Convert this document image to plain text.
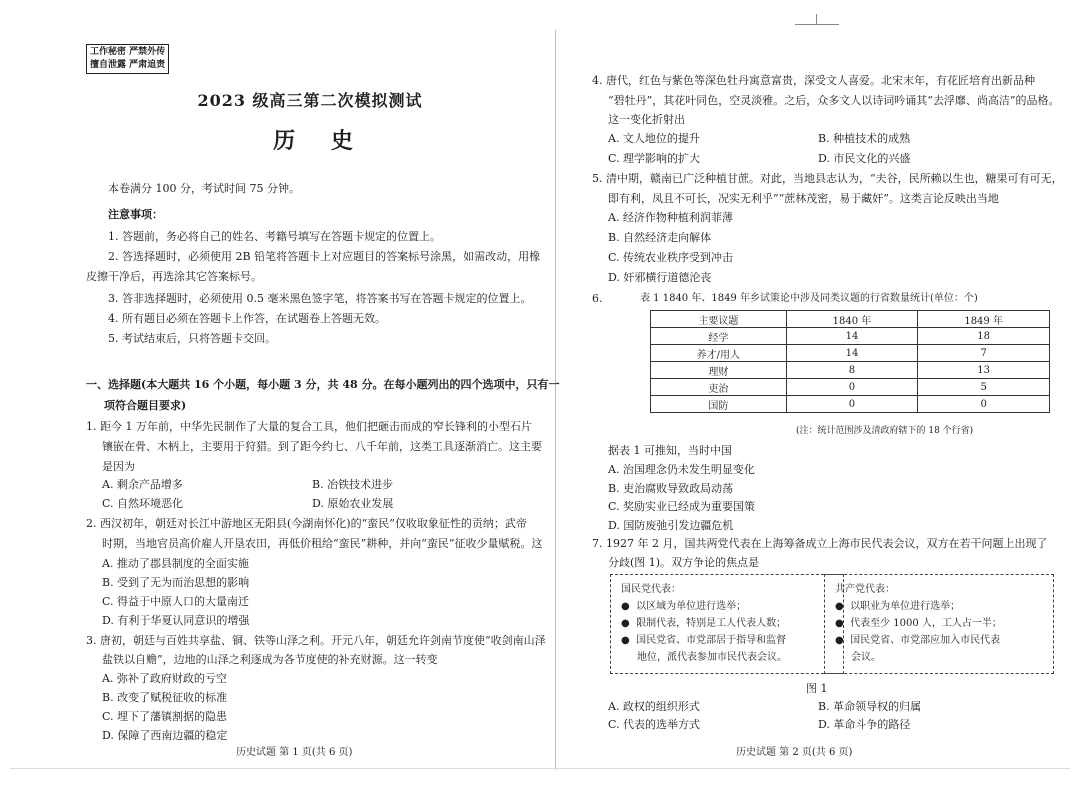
工作秘密 严禁外传
擅自泄露 严肃追责
2023 级高三第二次模拟测试
历 史
本卷满分 100 分，考试时间 75 分钟。
注意事项：
1. 答题前，务必将自己的姓名、考籍号填写在答题卡规定的位置上。
2. 答选择题时，必须使用 2B 铅笔将答题卡上对应题目的答案标号涂黑，如需改动，用橡
皮擦干净后，再选涂其它答案标号。
3. 答非选择题时，必须使用 0.5 毫米黑色签字笔，将答案书写在答题卡规定的位置上。
4. 所有题目必须在答题卡上作答，在试题卷上答题无效。
5. 考试结束后，只将答题卡交回。
一、选择题(本大题共 16 个小题，每小题 3 分，共 48 分。在每小题列出的四个选项中，只有一
项符合题目要求)
1. 距今 1 万年前，中华先民制作了大量的复合工具，他们把砸击而成的窄长锋利的小型石片
镶嵌在骨、木柄上，主要用于狩猎。到了距今约七、八千年前，这类工具逐渐消亡。这主要
是因为
A. 剩余产品增多	B. 冶铁技术进步
C. 自然环境恶化	D. 原始农业发展
2. 西汉初年，朝廷对长江中游地区无阳县(今湖南怀化)的“蛮民”仅收取象征性的贡纳；武帝
时期，当地官员高价雇人开垦农田，再低价租给“蛮民”耕种，并向“蛮民”征收少量赋税。这
A. 推动了郡县制度的全面实施
B. 受到了无为而治思想的影响
C. 得益于中原人口的大量南迁
D. 有利于华夏认同意识的增强
3. 唐初，朝廷与百姓共享盐、铜、铁等山泽之利。开元八年，朝廷允许剑南节度使“收剑南山泽
盐铁以自赡”，边地的山泽之利逐成为各节度使的补充财源。这一转变
A. 弥补了政府财政的亏空
B. 改变了赋税征收的标准
C. 埋下了藩镇割据的隐患
D. 保障了西南边疆的稳定
历史试题 第 1 页(共 6 页)
4. 唐代，红色与紫色等深色牡丹寓意富贵，深受文人喜爱。北宋末年，有花匠培育出新品种
“碧牡丹”，其花叶同色，空灵淡雅。之后，众多文人以诗词吟诵其“去浮靡、尚高洁”的品格。
这一变化折射出
A. 文人地位的提升	B. 种植技术的成熟
C. 理学影响的扩大	D. 市民文化的兴盛
5. 清中期，赣南已广泛种植甘蔗。对此，当地县志认为，“夫谷，民所赖以生也，糖果可有可无，
即有利，凤且不可长，况实无利乎”“蔗林茂密，易于藏奸”。这类言论反映出当地
A. 经济作物种植利润菲薄
B. 自然经济走向解体
C. 传统农业秩序受到冲击
D. 奸邪横行道德沦丧
6.	表 1 1840 年、1849 年乡试策论中涉及同类议题的行省数量统计(单位：个)
主要议题	1840 年	1849 年
经学	14	18
养才/用人	14	7
理财	8	13
吏治	0	5
国防	0	0
(注：统计范围涉及清政府辖下的 18 个行省)
据表 1 可推知，当时中国
A. 治国理念仍未发生明显变化
B. 吏治腐败导致政局动荡
C. 奖励实业已经成为重要国策
D. 国防废弛引发边疆危机
7. 1927 年 2 月，国共两党代表在上海筹备成立上海市民代表会议，双方在若干问题上出现了
分歧(图 1)。双方争论的焦点是
国民党代表：
●  以区域为单位进行选举；
●  限制代表，特别是工人代表人数；
●  国民党省、市党部居于指导和监督
地位，派代表参加市民代表会议。
共产党代表：
●  以职业为单位进行选举；
●  代表至少 1000 人，工人占一半；
●  国民党省、市党部应加入市民代表
会议。
图 1
A. 政权的组织形式	B. 革命领导权的归属
C. 代表的选举方式	D. 革命斗争的路径
历史试题 第 2 页(共 6 页)
